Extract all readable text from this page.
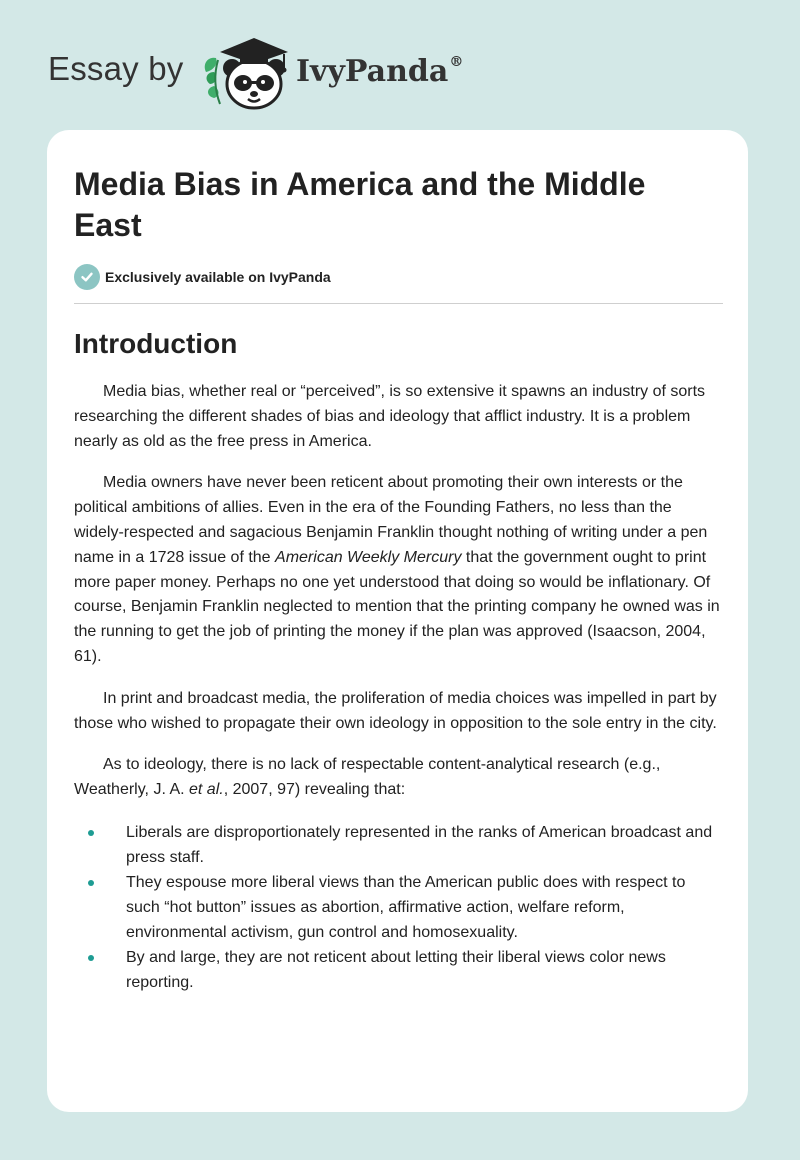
Essay by	IvyPanda®
Media Bias in America and the Middle East
Exclusively available on IvyPanda
Introduction

Media bias, whether real or “perceived”, is so extensive it spawns an industry of sorts researching the different shades of bias and ideology that afflict industry. It is a problem nearly as old as the free press in America.

Media owners have never been reticent about promoting their own interests or the political ambitions of allies. Even in the era of the Founding Fathers, no less than the widely-respected and sagacious Benjamin Franklin thought nothing of writing under a pen name in a 1728 issue of the American Weekly Mercury that the government ought to print more paper money. Perhaps no one yet understood that doing so would be inflationary. Of course, Benjamin Franklin neglected to mention that the printing company he owned was in the running to get the job of printing the money if the plan was approved (Isaacson, 2004, 61).

In print and broadcast media, the proliferation of media choices was impelled in part by those who wished to propagate their own ideology in opposition to the sole entry in the city.

As to ideology, there is no lack of respectable content-analytical research (e.g., Weatherly, J. A. et al., 2007, 97) revealing that:

Liberals are disproportionately represented in the ranks of American broadcast and press staff.
They espouse more liberal views than the American public does with respect to such “hot button” issues as abortion, affirmative action, welfare reform, environmental activism, gun control and homosexuality.
By and large, they are not reticent about letting their liberal views color news reporting.
